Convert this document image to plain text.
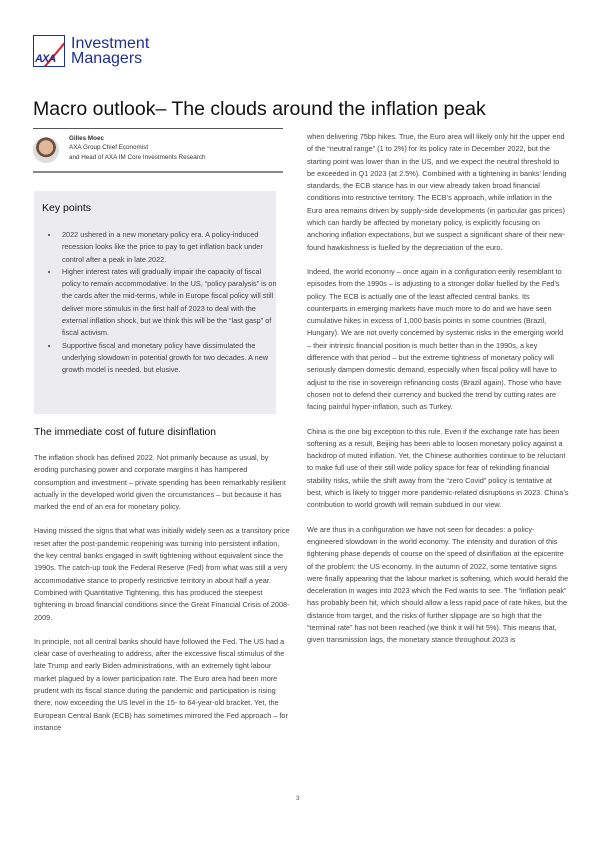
AXA
Investment
Managers
Macro outlook– The clouds around the inflation peak
Gilles Moec
AXA Group Chief Economist
and Head of AXA IM Core Investments Research
Key points
• 2022 ushered in a new monetary policy era. A policy-induced recession looks like the price to pay to get inflation back under control after a peak in late 2022.
• Higher interest rates will gradually impair the capacity of fiscal policy to remain accommodative. In the US, “policy paralysis” is on the cards after the mid-terms, while in Europe fiscal policy will still deliver more stimulus in the first half of 2023 to deal with the external inflation shock, but we think this will be the “last gasp” of fiscal activism.
• Supportive fiscal and monetary policy have dissimulated the underlying slowdown in potential growth for two decades. A new growth model is needed. but elusive.
The immediate cost of future disinflation

The inflation shock has defined 2022. Not primarily because as usual, by eroding purchasing power and corporate margins it has hampered consumption and investment – private spending has been remarkably resilient actually in the developed world given the circumstances – but because it has marked the end of an era for monetary policy.

Having missed the signs that what was initially widely seen as a transitory price reset after the post-pandemic reopening was turning into persistent inflation, the key central banks engaged in swift tightening without equivalent since the 1990s. The catch-up took the Federal Reserve (Fed) from what was still a very accommodative stance to properly restrictive territory in about half a year. Combined with Quantitative Tightening, this has produced the steepest tightening in broad financial conditions since the Great Financial Crisis of 2008-2009.

In principle, not all central banks should have followed the Fed. The US had a clear case of overheating to address, after the excessive fiscal stimulus of the late Trump and early Biden administrations, with an extremely tight labour market plagued by a lower participation rate. The Euro area had been more prudent with its fiscal stance during the pandemic and participation is rising there, now exceeding the US level in the 15- to 64-year-old bracket. Yet, the European Central Bank (ECB) has sometimes mirrored the Fed approach – for instance

when delivering 75bp hikes. True, the Euro area will likely only hit the upper end of the “neutral range” (1 to 2%) for its policy rate in December 2022, but the starting point was lower than in the US, and we expect the neutral threshold to be exceeded in Q1 2023 (at 2.5%). Combined with a tightening in banks’ lending standards, the ECB stance has in our view already taken broad financial conditions into restrictive territory. The ECB’s approach, while inflation in the Euro area remains driven by supply-side developments (in particular gas prices) which can hardly be affected by monetary policy, is explicitly focusing on anchoring inflation expectations, but we suspect a significant share of their new-found hawkishness is fuelled by the depreciation of the euro.

Indeed, the world economy – once again in a configuration eerily resemblant to episodes from the 1990s – is adjusting to a stronger dollar fuelled by the Fed’s policy. The ECB is actually one of the least affected central banks. Its counterparts in emerging markets have much more to do and we have seen cumulative hikes in excess of 1,000 basis points in some countries (Brazil, Hungary). We are not overly concerned by systemic risks in the emerging world – their intrinsic financial position is much better than in the 1990s, a key difference with that period – but the extreme tightness of monetary policy will seriously dampen domestic demand, especially when fiscal policy will have to adjust to the rise in sovereign refinancing costs (Brazil again). Those who have chosen not to defend their currency and bucked the trend by cutting rates are facing painful hyper-inflation, such as Turkey.

China is the one big exception to this rule. Even if the exchange rate has been softening as a result, Beijing has been able to loosen monetary policy against a backdrop of muted inflation. Yet, the Chinese authorities continue to be reluctant to make full use of their still wide policy space for fear of rekindling financial stability risks, while the shift away from the “zero Covid” policy is tentative at best, which is likely to trigger more pandemic-related disruptions in 2023. China’s contribution to world growth will remain subdued in our view.

We are thus in a configuration we have not seen for decades: a policy-engineered slowdown in the world economy. The intensity and duration of this tightening phase depends of course on the speed of disinflation at the epicentre of the problem: the US economy. In the autumn of 2022, some tentative signs were finally appearing that the labour market is softening, which would herald the deceleration in wages into 2023 which the Fed wants to see. The “inflation peak” has probably been hit, which should allow a less rapid pace of rate hikes, but the distance from target, and the risks of further slippage are so high that the “terminal rate” has not been reached (we think it will hit 5%). This means that, given transmission lags, the monetary stance throughout 2023 is

3
